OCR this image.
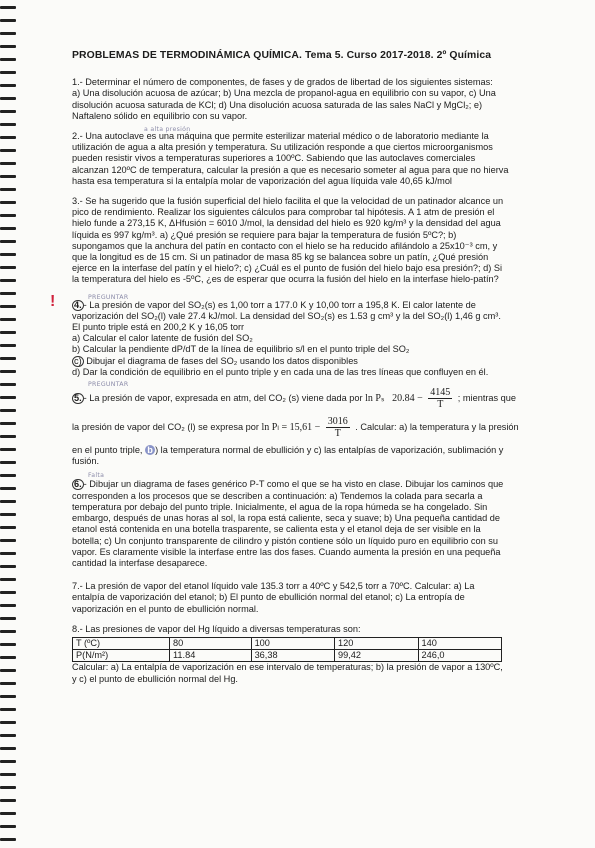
PROBLEMAS DE TERMODINÁMICA QUÍMICA. Tema 5. Curso 2017-2018. 2º Química
1.- Determinar el número de componentes, de fases y de grados de libertad de los siguientes sistemas:
a) Una disolución acuosa de azúcar; b) Una mezcla de propanol-agua en equilibrio con su vapor, c) Una
disolución acuosa saturada de KCl; d) Una disolución acuosa saturada de las sales NaCl y MgCl₂; e)
Naftaleno sólido en equilibrio con su vapor.
a alta presión
2.- Una autoclave es una máquina que permite esterilizar material médico o de laboratorio mediante la
utilización de agua a alta presión y temperatura. Su utilización responde a que ciertos microorganismos
pueden resistir vivos a temperaturas superiores a 100ºC. Sabiendo que las autoclaves comerciales
alcanzan 120ºC de temperatura, calcular la presión a que es necesario someter al agua para que no hierva
hasta esa temperatura si la entalpía molar de vaporización del agua líquida vale 40,65 kJ/mol
3.- Se ha sugerido que la fusión superficial del hielo facilita el que la velocidad de un patinador alcance un
pico de rendimiento. Realizar los siguientes cálculos para comprobar tal hipótesis. A 1 atm de presión el
hielo funde a 273,15 K, ΔHfusión = 6010 J/mol, la densidad del hielo es 920 kg/m³ y la densidad del agua
líquida es 997 kg/m³. a) ¿Qué presión se requiere para bajar la temperatura de fusión 5ºC?; b)
supongamos que la anchura del patín en contacto con el hielo se ha reducido afilándolo a 25x10⁻³ cm, y
que la longitud es de 15 cm. Si un patinador de masa 85 kg se balancea sobre un patín, ¿Qué presión
ejerce en la interfase del patín y el hielo?; c) ¿Cuál es el punto de fusión del hielo bajo esa presión?; d) Si
la temperatura del hielo es -5ºC, ¿es de esperar que ocurra la fusión del hielo en la interfase hielo-patín?
!	PREGUNTAR
4. - La presión de vapor del SO₂(s) es 1,00 torr a 177.0 K y 10,00 torr a 195,8 K. El calor latente de
vaporización del SO₂(l) vale 27.4 kJ/mol. La densidad del SO₂(s) es 1.53 g cm³ y la del SO₂(l) 1,46 g cm³.
El punto triple está en 200,2 K y 16,05 torr
a) Calcular el calor latente de fusión del SO₂
b) Calcular la pendiente dP/dT de la línea de equilibrio s/l en el punto triple del SO₂
c) Dibujar el diagrama de fases del SO₂ usando los datos disponibles
d) Dar la condición de equilibrio en el punto triple y en cada una de las tres líneas que confluyen en él.
PREGUNTAR
5. - La presión de vapor, expresada en atm, del CO₂ (s) viene dada por ln Pₛ $20.84 - \frac{4145}{T}$ ; mientras que
la presión de vapor del CO₂ (l) se expresa por $\ln P_l = 15,61 - \frac{3016}{T}$ . Calcular: a) la temperatura y la presión
en el punto triple, b ) la temperatura normal de ebullición y c) las entalpías de vaporización, sublimación y
fusión.
Falta
6. - Dibujar un diagrama de fases genérico P-T como el que se ha visto en clase. Dibujar los caminos que
corresponden a los procesos que se describen a continuación: a) Tendemos la colada para secarla a
temperatura por debajo del punto triple. Inicialmente, el agua de la ropa húmeda se ha congelado. Sin
embargo, después de unas horas al sol, la ropa está caliente, seca y suave; b) Una pequeña cantidad de
etanol está contenida en una botella trasparente, se calienta esta y el etanol deja de ser visible en la
botella; c) Un conjunto transparente de cilindro y pistón contiene sólo un líquido puro en equilibrio con su
vapor. Es claramente visible la interfase entre las dos fases. Cuando aumenta la presión en una pequeña
cantidad la interfase desaparece.
7.- La presión de vapor del etanol líquido vale 135.3 torr a 40ºC y 542,5 torr a 70ºC. Calcular: a) La
entalpía de vaporización del etanol; b) El punto de ebullición normal del etanol; c) La entropía de
vaporización en el punto de ebullición normal.
8.- Las presiones de vapor del Hg líquido a diversas temperaturas son:
T (ºC)	80	100	120	140
P(N/m²)	11.84	36,38	99,42	246,0
Calcular: a) La entalpía de vaporización en ese intervalo de temperaturas; b) la presión de vapor a 130ºC,
y c) el punto de ebullición normal del Hg.
